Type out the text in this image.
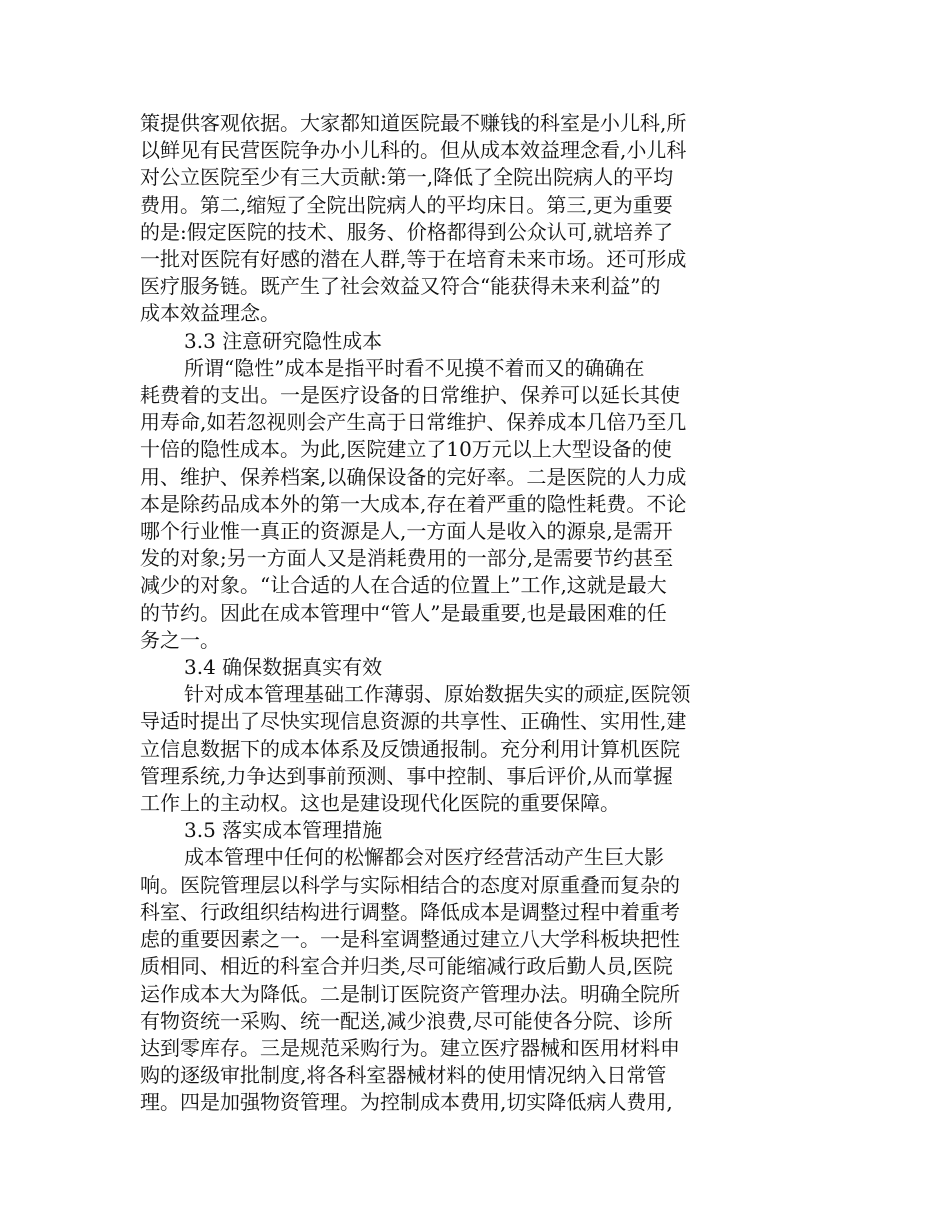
策提供客观依据。大家都知道医院最不赚钱的科室是小儿科,所
以鲜见有民营医院争办小儿科的。但从成本效益理念看,小儿科
对公立医院至少有三大贡献:第一,降低了全院出院病人的平均
费用。第二,缩短了全院出院病人的平均床日。第三,更为重要
的是:假定医院的技术、服务、价格都得到公众认可,就培养了
一批对医院有好感的潜在人群,等于在培育未来市场。还可形成
医疗服务链。既产生了社会效益又符合“能获得未来利益”的
成本效益理念。
3.3 注意研究隐性成本
所谓“隐性”成本是指平时看不见摸不着而又的确确在
耗费着的支出。一是医疗设备的日常维护、保养可以延长其使
用寿命,如若忽视则会产生高于日常维护、保养成本几倍乃至几
十倍的隐性成本。为此,医院建立了10万元以上大型设备的使
用、维护、保养档案,以确保设备的完好率。二是医院的人力成
本是除药品成本外的第一大成本,存在着严重的隐性耗费。不论
哪个行业惟一真正的资源是人,一方面人是收入的源泉,是需开
发的对象;另一方面人又是消耗费用的一部分,是需要节约甚至
减少的对象。“让合适的人在合适的位置上”工作,这就是最大
的节约。因此在成本管理中“管人”是最重要,也是最困难的任
务之一。
3.4 确保数据真实有效
针对成本管理基础工作薄弱、原始数据失实的顽症,医院领
导适时提出了尽快实现信息资源的共享性、正确性、实用性,建
立信息数据下的成本体系及反馈通报制。充分利用计算机医院
管理系统,力争达到事前预测、事中控制、事后评价,从而掌握
工作上的主动权。这也是建设现代化医院的重要保障。
3.5 落实成本管理措施
成本管理中任何的松懈都会对医疗经营活动产生巨大影
响。医院管理层以科学与实际相结合的态度对原重叠而复杂的
科室、行政组织结构进行调整。降低成本是调整过程中着重考
虑的重要因素之一。一是科室调整通过建立八大学科板块把性
质相同、相近的科室合并归类,尽可能缩减行政后勤人员,医院
运作成本大为降低。二是制订医院资产管理办法。明确全院所
有物资统一采购、统一配送,减少浪费,尽可能使各分院、诊所
达到零库存。三是规范采购行为。建立医疗器械和医用材料申
购的逐级审批制度,将各科室器械材料的使用情况纳入日常管
理。四是加强物资管理。为控制成本费用,切实降低病人费用,
